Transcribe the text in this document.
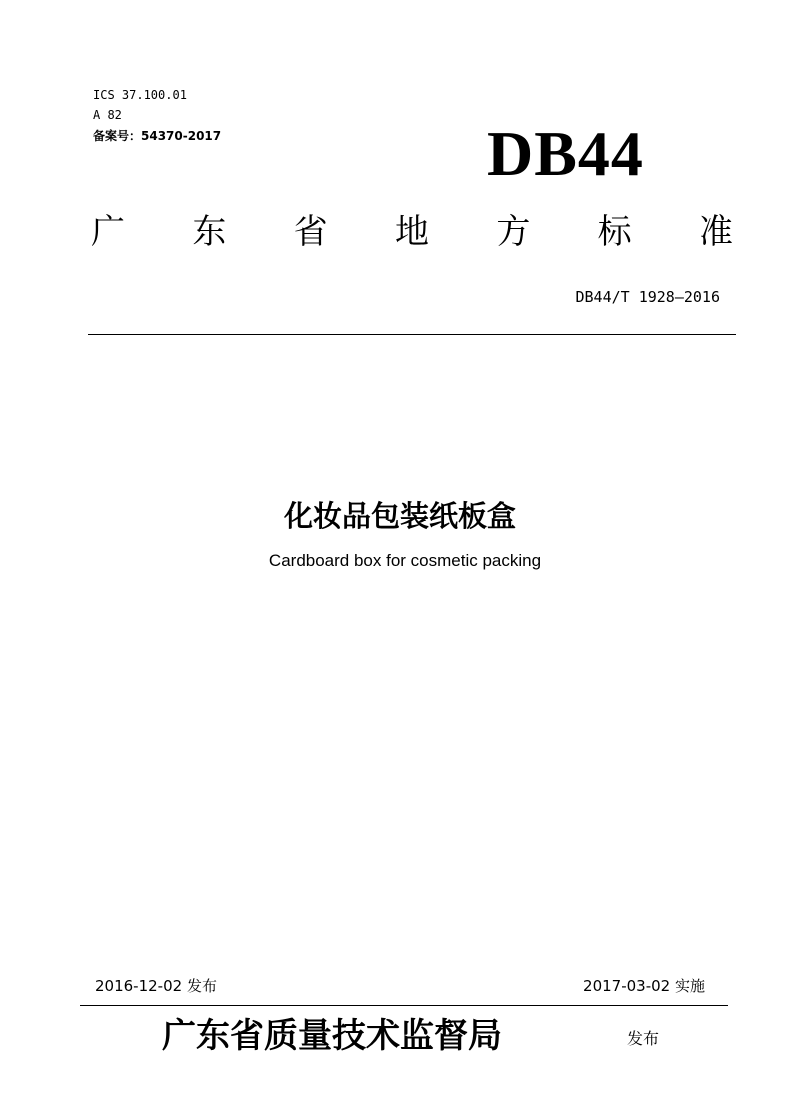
ICS 37.100.01
A 82
备案号：54370-2017	DB44
广 东 省 地 方 标 准
DB44/T 1928—2016
化妆品包装纸板盒
Cardboard box for cosmetic packing
2016-12-02 发布	2017-03-02 实施
广东省质量技术监督局	发布
